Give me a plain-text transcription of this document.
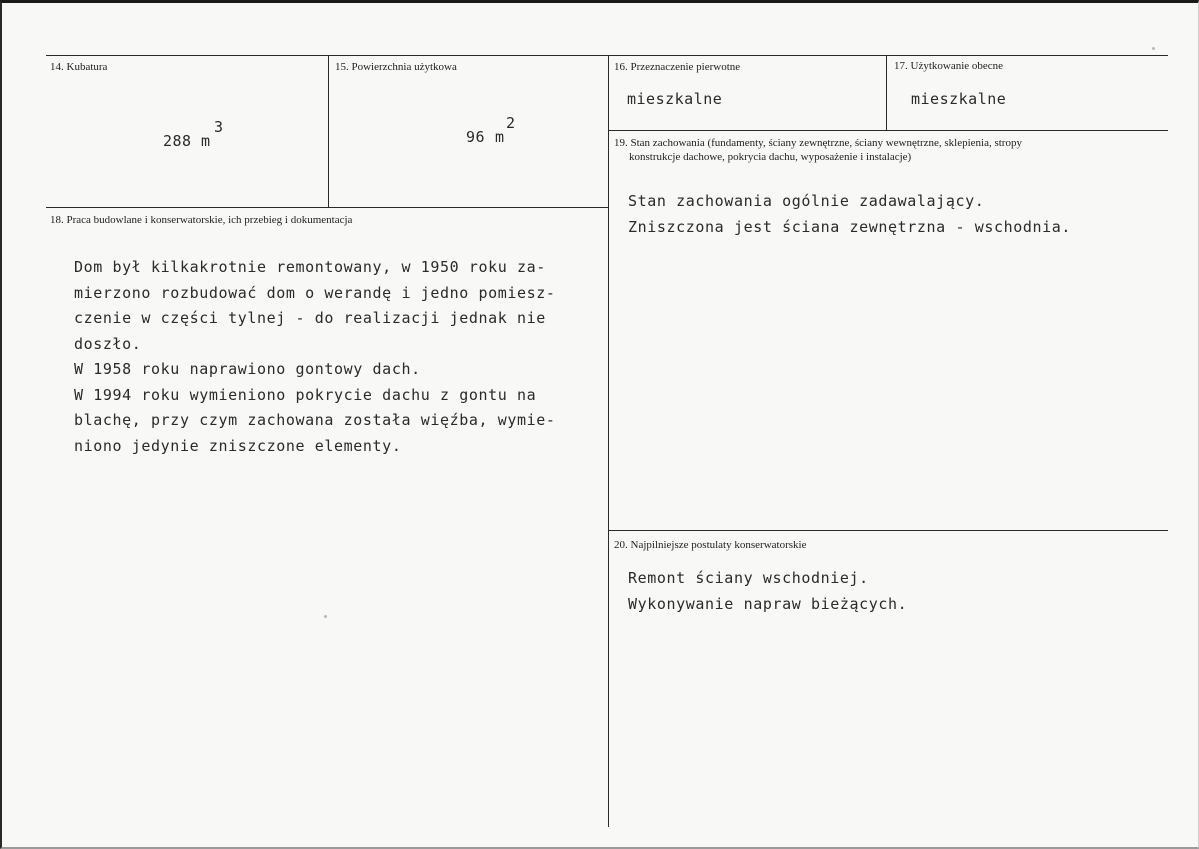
14. Kubatura
288 m
3
15. Powierzchnia użytkowa
96 m
2
16. Przeznaczenie pierwotne
mieszkalne
17. Użytkowanie obecne
mieszkalne
18. Praca budowlane i konserwatorskie, ich przebieg i dokumentacja
Dom był kilkakrotnie remontowany, w 1950 roku za-
mierzono rozbudować dom o werandę i jedno pomiesz-
czenie w części tylnej - do realizacji jednak nie
doszło.
W 1958 roku naprawiono gontowy dach.
W 1994 roku wymieniono pokrycie dachu z gontu na
blachę, przy czym zachowana została więźba, wymie-
niono jedynie zniszczone elementy.
19. Stan zachowania (fundamenty, ściany zewnętrzne, ściany wewnętrzne, sklepienia, stropy
konstrukcje dachowe, pokrycia dachu, wyposażenie i instalacje)
Stan zachowania ogólnie zadawalający.
Zniszczona jest ściana zewnętrzna - wschodnia.
20. Najpilniejsze postulaty konserwatorskie
Remont ściany wschodniej.
Wykonywanie napraw bieżących.
